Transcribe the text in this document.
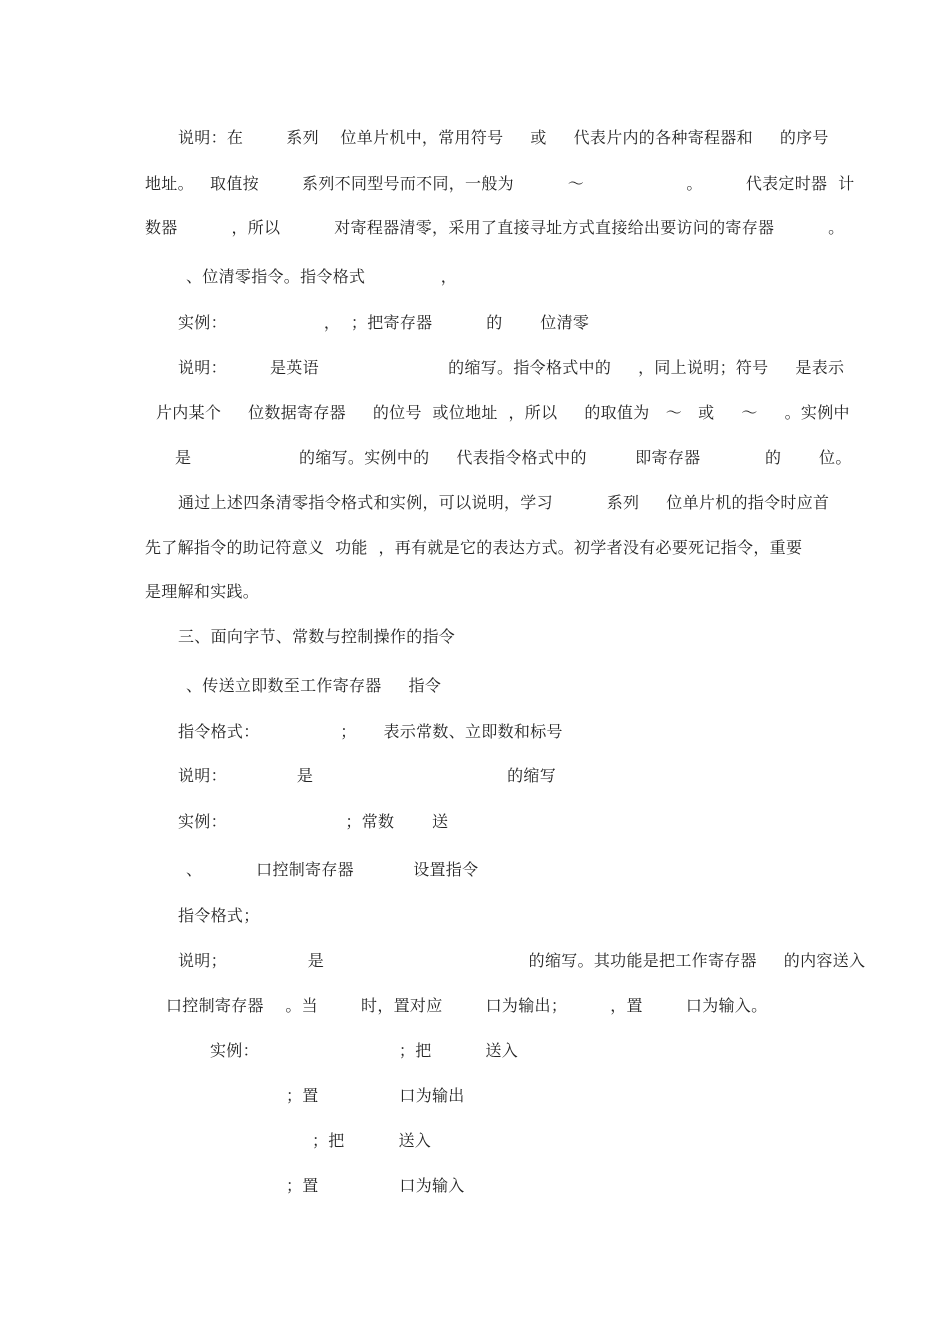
说明：在        系列    位单片机中，常用符号     或     代表片内的各种寄程器和     的序号
地址。   取值按        系列不同型号而不同，一般为          ～                   。        代表定时器  计
数器          ，所以          对寄程器清零，采用了直接寻址方式直接给出要访问的寄存器          。
、位清零指令。指令格式              ，
实例：                  ，  ；把寄存器          的       位清零
说明：        是英语                        的缩写。指令格式中的     ，同上说明；符号     是表示
片内某个     位数据寄存器     的位号  或位地址  ，所以     的取值为   ～   或     ～     。实例中
是                    的缩写。实例中的     代表指令格式中的         即寄存器            的       位。
通过上述四条清零指令格式和实例，可以说明，学习          系列     位单片机的指令时应首
先了解指令的助记符意义  功能  ，再有就是它的表达方式。初学者没有必要死记指令，重要
是理解和实践。
三、面向字节、常数与控制操作的指令
、传送立即数至工作寄存器     指令
指令格式：               ；     表示常数、立即数和标号
说明：             是                                    的缩写
实例：                      ；常数       送
、          口控制寄存器           设置指令
指令格式；
说明；               是                                      的缩写。其功能是把工作寄存器     的内容送入
口控制寄存器    。当        时，置对应        口为输出；        ，置        口为输入。
实例：                          ；把          送入
；置               口为输出
；把          送入
；置               口为输入
